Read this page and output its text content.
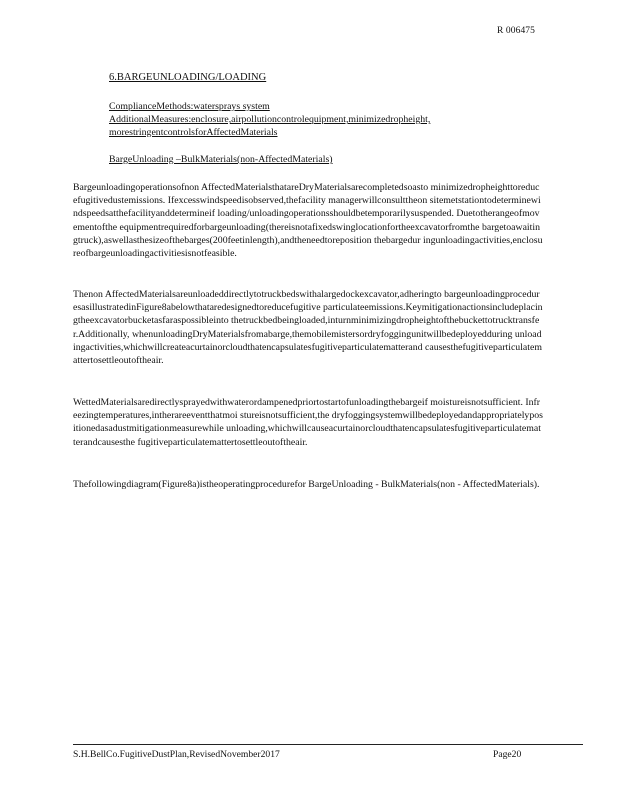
R 006475
6.BARGEUNLOADING/LOADING
ComplianceMethods:watersprays system
AdditionalMeasures:enclosure,airpollutioncontrolequipment,minimizedropheight,
morestringentcontrolsforAffectedMaterials
BargeUnloading –BulkMaterials(non-AffectedMaterials)

Bargeunloadingoperationsofnon AffectedMaterialsthatareDryMaterialsarecompletedsoasto minimizedropheighttoreducefugitivedustemissions. Ifexcesswindspeedisobserved,thefacility managerwillconsulttheon sitemetstationtodeterminewindspeedsatthefacilityanddetermineif loading/unloadingoperationsshouldbetemporarilysuspended. Duetotherangeofmovementofthe equipmentrequiredforbargeunloading(thereisnotafixedswinglocationfortheexcavatorfromthe bargetoawaitingtruck),aswellasthesizeofthebarges(200feetinlength),andtheneedtoreposition thebargedur ingunloadingactivities,enclosureofbargeunloadingactivitiesisnotfeasible.

Thenon AffectedMaterialsareunloadeddirectlytotruckbedswithalargedockexcavator,adheringto bargeunloadingproceduresasillustratedinFigure8abelowthataredesignedtoreducefugitive particulateemissions.Keymitigationactionsincludeplacingtheexcavatorbucketasfaraspossibleinto thetruckbedbeingloaded,inturnminimizingdropheightofthebuckettotrucktransfer.Additionally, whenunloadingDryMaterialsfromabarge,themobilemistersordryfoggingunitwillbedeployedduring unloadingactivities,whichwillcreateacurtainorcloudthatencapsulatesfugitiveparticulatematterand causesthefugitiveparticulatemattertosettleoutoftheair.

WettedMaterialsaredirectlysprayedwithwaterordampenedpriortostartofunloadingthebargeif moistureisnotsufficient. Infreezingtemperatures,intherareeventthatmoi stureisnotsufficient,the dryfoggingsystemwillbedeployedandappropriatelypositionedasadustmitigationmeasurewhile unloading,whichwillcauseacurtainorcloudthatencapsulatesfugitiveparticulatematterandcausesthe fugitiveparticulatemattertosettleoutoftheair.

Thefollowingdiagram(Figure8a)istheoperatingprocedurefor BargeUnloading - BulkMaterials(non - AffectedMaterials).

S.H.BellCo.FugitiveDustPlan,RevisedNovember2017	Page20
